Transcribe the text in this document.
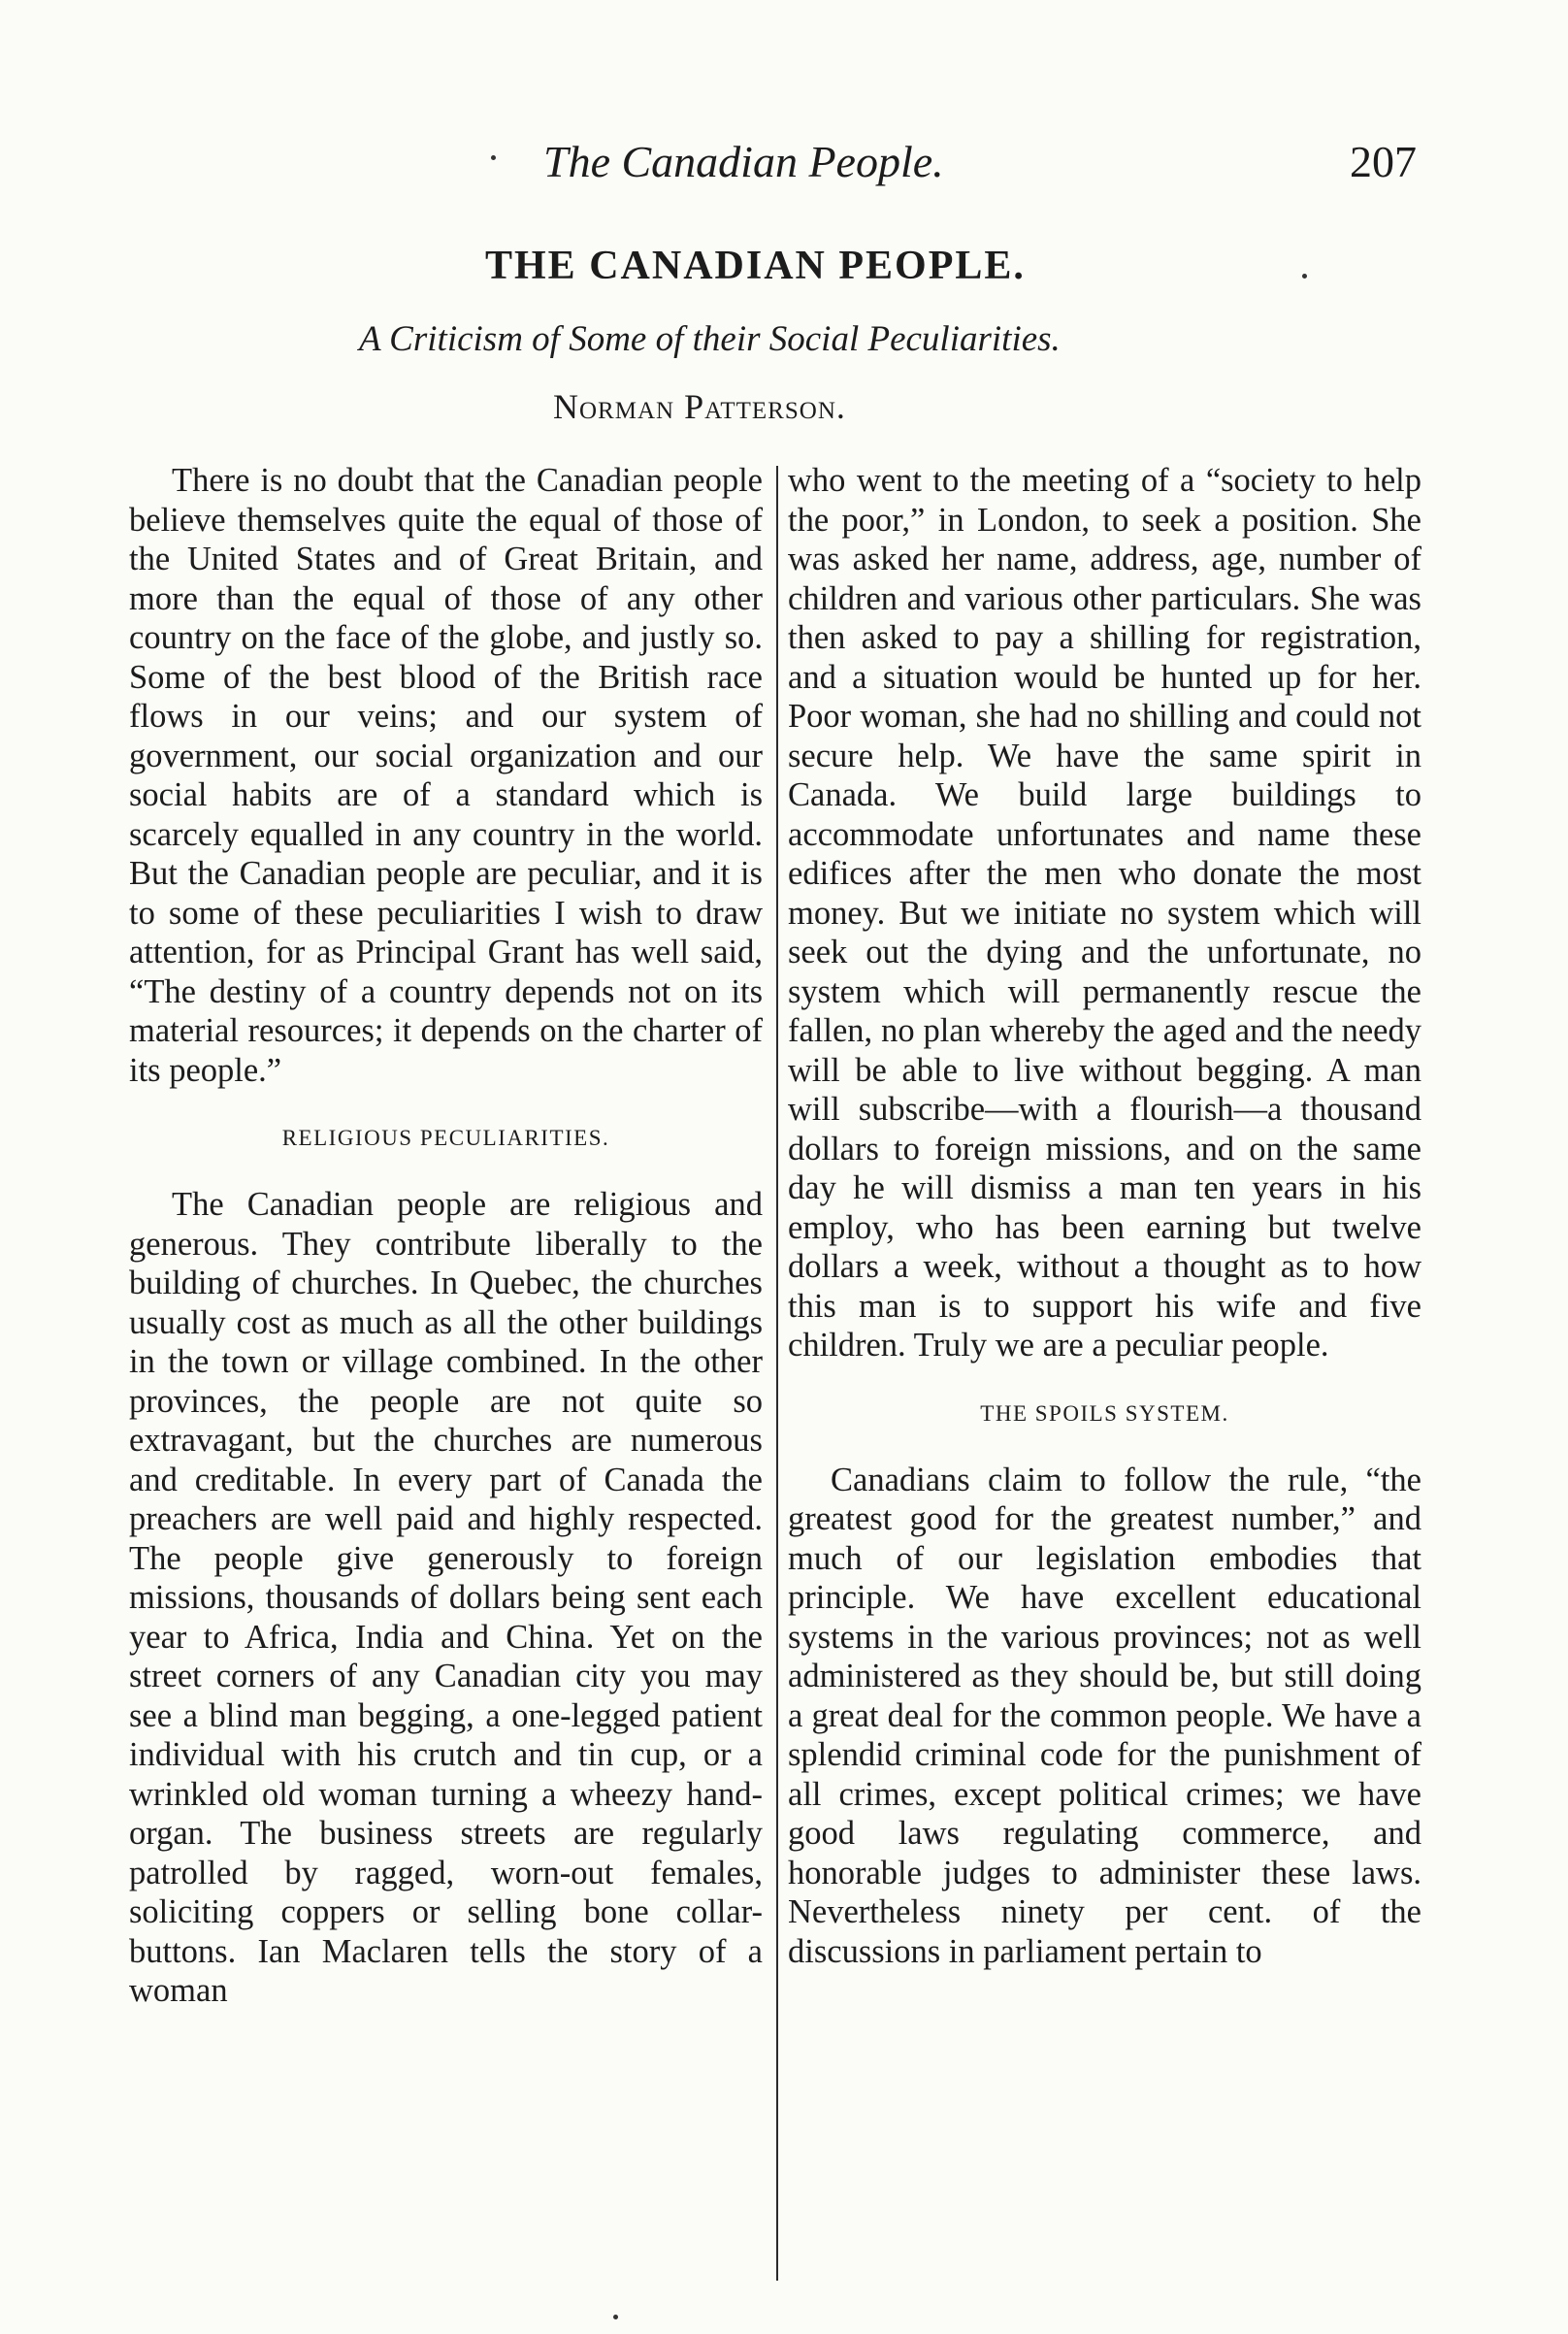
The Canadian People.	207
THE CANADIAN PEOPLE.
A Criticism of Some of their Social Peculiarities.
Norman Patterson.

There is no doubt that the Canadian people believe themselves quite the equal of those of the United States and of Great Britain, and more than the equal of those of any other country on the face of the globe, and justly so. Some of the best blood of the British race flows in our veins; and our system of government, our social organization and our social habits are of a standard which is scarcely equalled in any country in the world. But the Canadian people are peculiar, and it is to some of these peculiarities I wish to draw attention, for as Principal Grant has well said, “The destiny of a country depends not on its material resources; it depends on the charter of its people.”

RELIGIOUS PECULIARITIES.

The Canadian people are religious and generous. They contribute liberally to the building of churches. In Quebec, the churches usually cost as much as all the other buildings in the town or village combined. In the other provinces, the people are not quite so extravagant, but the churches are numerous and creditable. In every part of Canada the preachers are well paid and highly respected. The people give generously to foreign missions, thousands of dollars being sent each year to Africa, India and China. Yet on the street corners of any Canadian city you may see a blind man begging, a one-legged patient individual with his crutch and tin cup, or a wrinkled old woman turning a wheezy hand-organ. The business streets are regularly patrolled by ragged, worn-out females, soliciting coppers or selling bone collar-buttons. Ian Maclaren tells the story of a woman

who went to the meeting of a “society to help the poor,” in London, to seek a position. She was asked her name, address, age, number of children and various other particulars. She was then asked to pay a shilling for registration, and a situation would be hunted up for her. Poor woman, she had no shilling and could not secure help. We have the same spirit in Canada. We build large buildings to accommodate unfortunates and name these edifices after the men who donate the most money. But we initiate no system which will seek out the dying and the unfortunate, no system which will permanently rescue the fallen, no plan whereby the aged and the needy will be able to live without begging. A man will subscribe—with a flourish—a thousand dollars to foreign missions, and on the same day he will dismiss a man ten years in his employ, who has been earning but twelve dollars a week, without a thought as to how this man is to support his wife and five children. Truly we are a peculiar people.

THE SPOILS SYSTEM.

Canadians claim to follow the rule, “the greatest good for the greatest number,” and much of our legislation embodies that principle. We have excellent educational systems in the various provinces; not as well administered as they should be, but still doing a great deal for the common people. We have a splendid criminal code for the punishment of all crimes, except political crimes; we have good laws regulating commerce, and honorable judges to administer these laws. Nevertheless ninety per cent. of the discussions in parliament pertain to
